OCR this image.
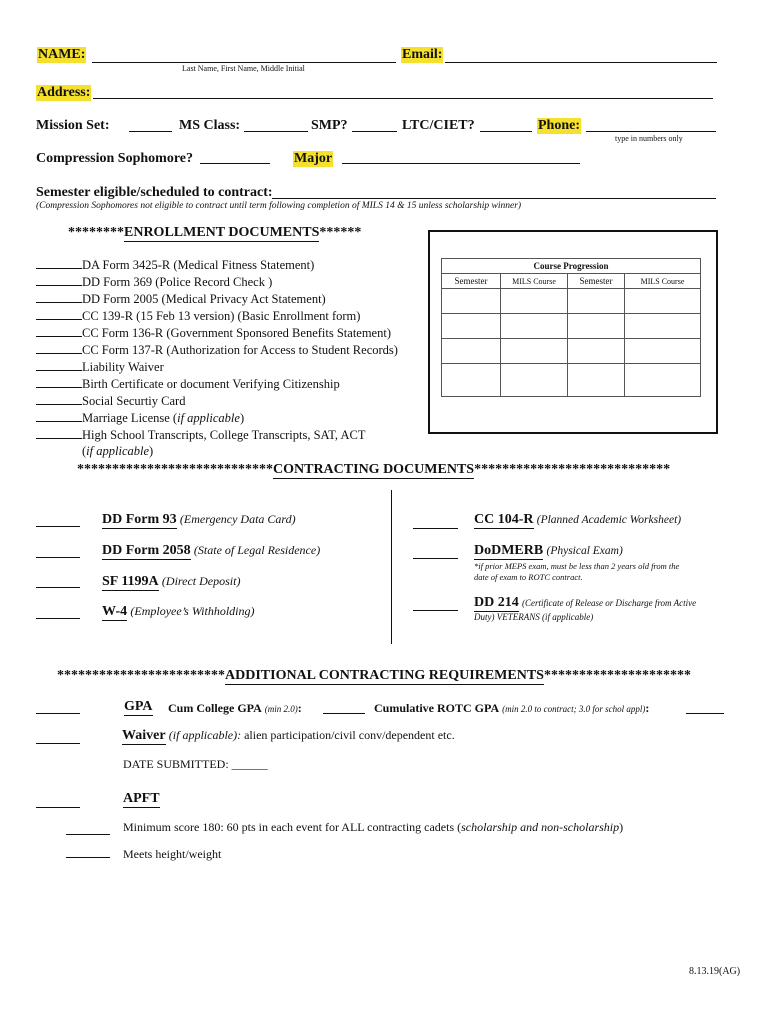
NAME:
Last Name, First Name, Middle Initial
Email:
Address:
Mission Set:	MS Class:	SMP?	LTC/CIET?	Phone:
type in numbers only
Compression Sophomore?	Major
Semester eligible/scheduled to contract:
(Compression Sophomores not eligible to contract until term following completion of MILS 14 & 15 unless scholarship winner)
********ENROLLMENT DOCUMENTS******
DA Form 3425-R (Medical Fitness Statement)
DD Form 369 (Police Record Check )
DD Form 2005 (Medical Privacy Act Statement)
CC 139-R (15 Feb 13 version) (Basic Enrollment form)
CC Form 136-R (Government Sponsored Benefits Statement)
CC Form 137-R (Authorization for Access to Student Records)
Liability Waiver
Birth Certificate or document Verifying Citizenship
Social Securtiy Card
Marriage License (if applicable)
High School Transcripts, College Transcripts, SAT, ACT
(if applicable)
Course Progression			
Semester	MILS Course	Semester	MILS Course

****************************CONTRACTING DOCUMENTS****************************
DD Form 93 (Emergency Data Card)
DD Form 2058 (State of Legal Residence)
SF 1199A (Direct Deposit)
W-4 (Employee’s Withholding)
CC 104-R (Planned Academic Worksheet)
DoDMERB (Physical Exam)
*if prior MEPS exam, must be less than 2 years old from the
date of exam to ROTC contract.
DD 214 (Certificate of Release or Discharge from Active
Duty) VETERANS (if applicable)
************************ADDITIONAL CONTRACTING REQUIREMENTS*********************
GPA Cum College GPA (min 2.0):	Cumulative ROTC GPA (min 2.0 to contract; 3.0 for schol appl):
Waiver (if applicable): alien participation/civil conv/dependent etc.
DATE SUBMITTED: ______
APFT
Minimum score 180: 60 pts in each event for ALL contracting cadets (scholarship and non-scholarship)
Meets height/weight
8.13.19(AG)
